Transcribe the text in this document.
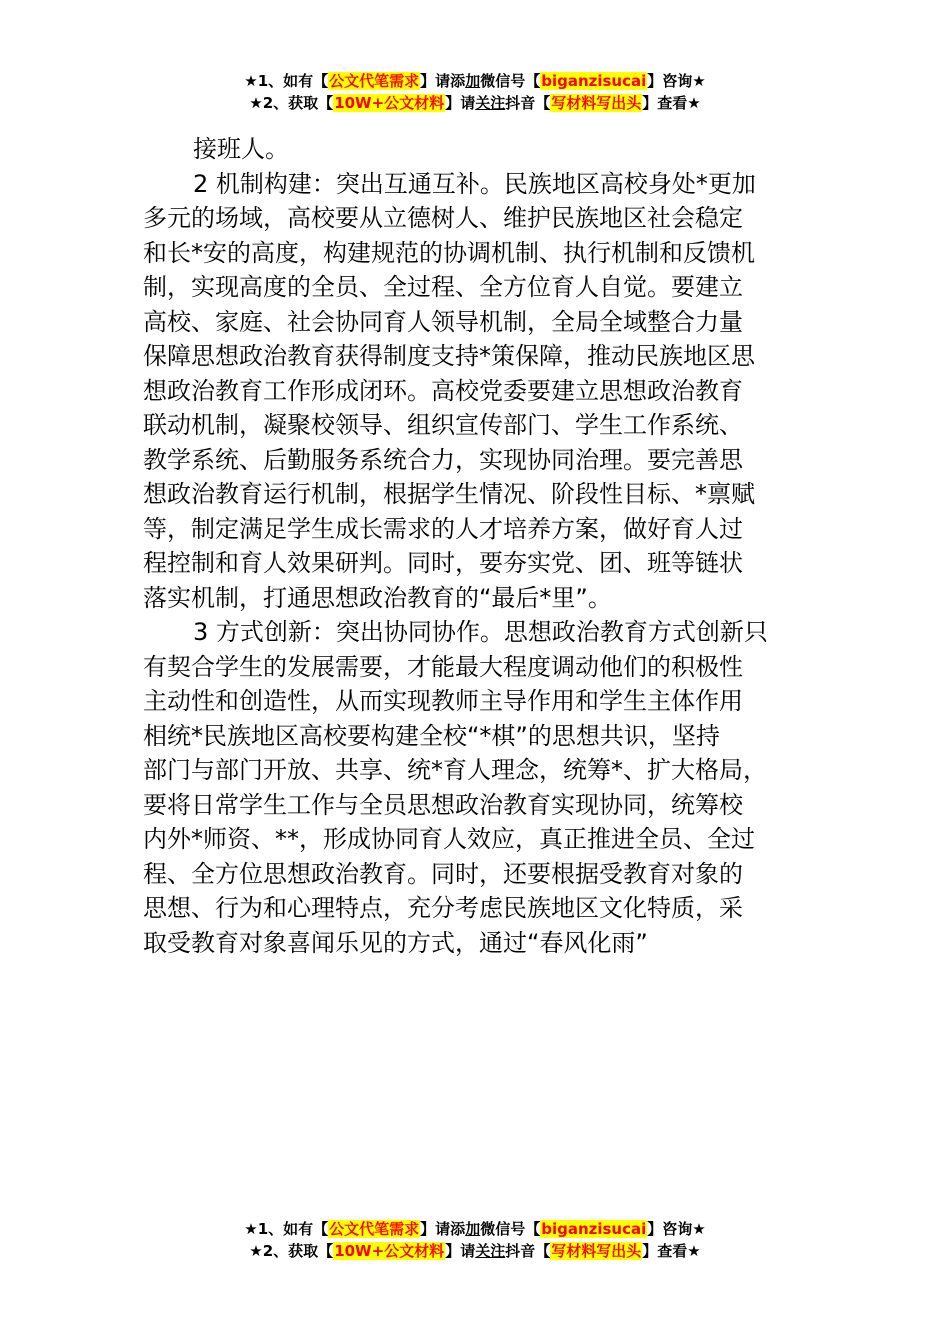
★1、如有【公文代笔需求】请添加微信号【biganzisucai】咨询★
★2、获取【10W+公文材料】请关注抖音【写材料写出头】查看★

接班人。

2 机制构建：突出互通互补。民族地区高校身处*更加
多元的场域，高校要从立德树人、维护民族地区社会稳定
和长*安的高度，构建规范的协调机制、执行机制和反馈机
制，实现高度的全员、全过程、全方位育人自觉。要建立
高校、家庭、社会协同育人领导机制，全局全域整合力量
保障思想政治教育获得制度支持*策保障，推动民族地区思
想政治教育工作形成闭环。高校党委要建立思想政治教育
联动机制，凝聚校领导、组织宣传部门、学生工作系统、
教学系统、后勤服务系统合力，实现协同治理。要完善思
想政治教育运行机制，根据学生情况、阶段性目标、*禀赋
等，制定满足学生成长需求的人才培养方案，做好育人过
程控制和育人效果研判。同时，要夯实党、团、班等链状
落实机制，打通思想政治教育的“最后*里”。

3 方式创新：突出协同协作。思想政治教育方式创新只
有契合学生的发展需要，才能最大程度调动他们的积极性
主动性和创造性，从而实现教师主导作用和学生主体作用
相统*民族地区高校要构建全校“*棋”的思想共识，坚持
部门与部门开放、共享、统*育人理念，统筹*、扩大格局，
要将日常学生工作与全员思想政治教育实现协同，统筹校
内外*师资、**，形成协同育人效应，真正推进全员、全过
程、全方位思想政治教育。同时，还要根据受教育对象的
思想、行为和心理特点，充分考虑民族地区文化特质，采
取受教育对象喜闻乐见的方式，通过“春风化雨”

★1、如有【公文代笔需求】请添加微信号【biganzisucai】咨询★
★2、获取【10W+公文材料】请关注抖音【写材料写出头】查看★
